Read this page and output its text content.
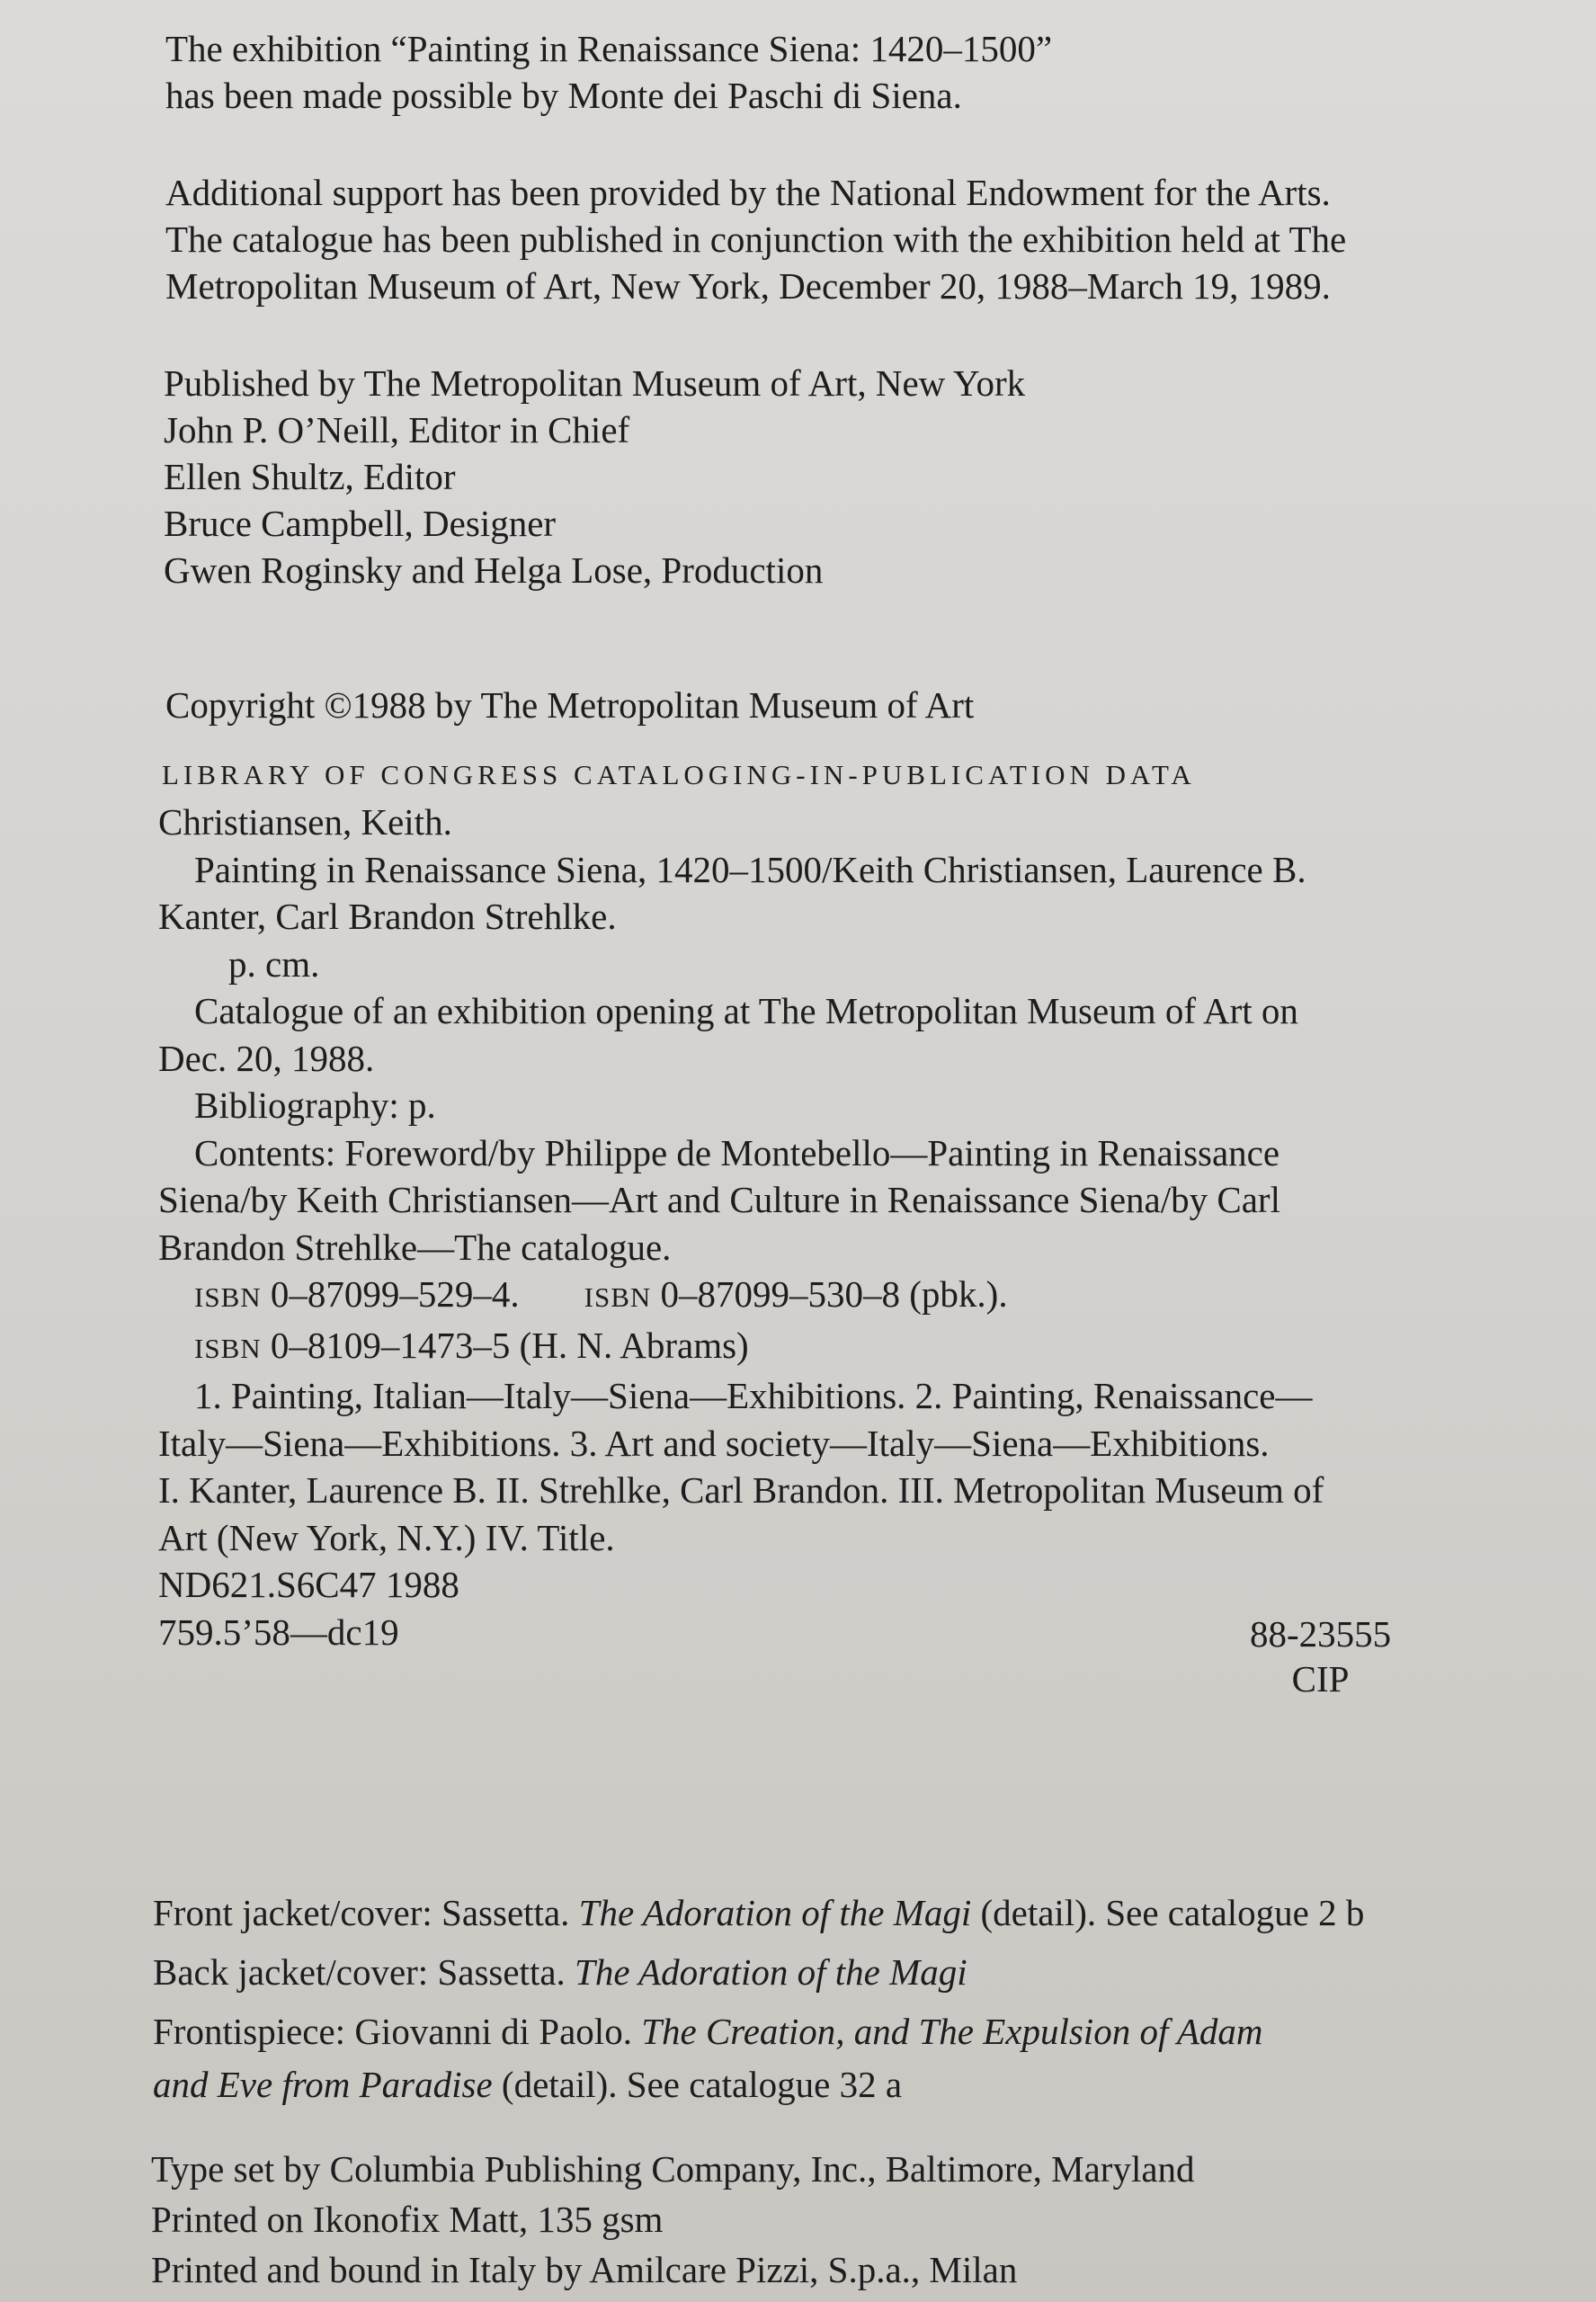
The exhibition “Painting in Renaissance Siena: 1420–1500”

has been made possible by Monte dei Paschi di Siena.

Additional support has been provided by the National Endowment for the Arts.

The catalogue has been published in conjunction with the exhibition held at The

Metropolitan Museum of Art, New York, December 20, 1988–March 19, 1989.

Published by The Metropolitan Museum of Art, New York

John P. O’Neill, Editor in Chief

Ellen Shultz, Editor

Bruce Campbell, Designer

Gwen Roginsky and Helga Lose, Production

Copyright ©1988 by The Metropolitan Museum of Art

LIBRARY OF CONGRESS CATALOGING-IN-PUBLICATION DATA

Christiansen, Keith.

Painting in Renaissance Siena, 1420–1500/Keith Christiansen, Laurence B.

Kanter, Carl Brandon Strehlke.

p. cm.

Catalogue of an exhibition opening at The Metropolitan Museum of Art on

Dec. 20, 1988.

Bibliography: p.

Contents: Foreword/by Philippe de Montebello—Painting in Renaissance

Siena/by Keith Christiansen—Art and Culture in Renaissance Siena/by Carl

Brandon Strehlke—The catalogue.

ISBN 0–87099–529–4. ISBN 0–87099–530–8 (pbk.).

ISBN 0–8109–1473–5 (H. N. Abrams)

1. Painting, Italian—Italy—Siena—Exhibitions. 2. Painting, Renaissance—

Italy—Siena—Exhibitions. 3. Art and society—Italy—Siena—Exhibitions.

I. Kanter, Laurence B. II. Strehlke, Carl Brandon. III. Metropolitan Museum of

Art (New York, N.Y.) IV. Title.

ND621.S6C47 1988

759.5’58—dc19	88-23555

CIP

Front jacket/cover: Sassetta. The Adoration of the Magi (detail). See catalogue 2 b

Back jacket/cover: Sassetta. The Adoration of the Magi

Frontispiece: Giovanni di Paolo. The Creation, and The Expulsion of Adam

and Eve from Paradise (detail). See catalogue 32 a

Type set by Columbia Publishing Company, Inc., Baltimore, Maryland

Printed on Ikonofix Matt, 135 gsm

Printed and bound in Italy by Amilcare Pizzi, S.p.a., Milan
